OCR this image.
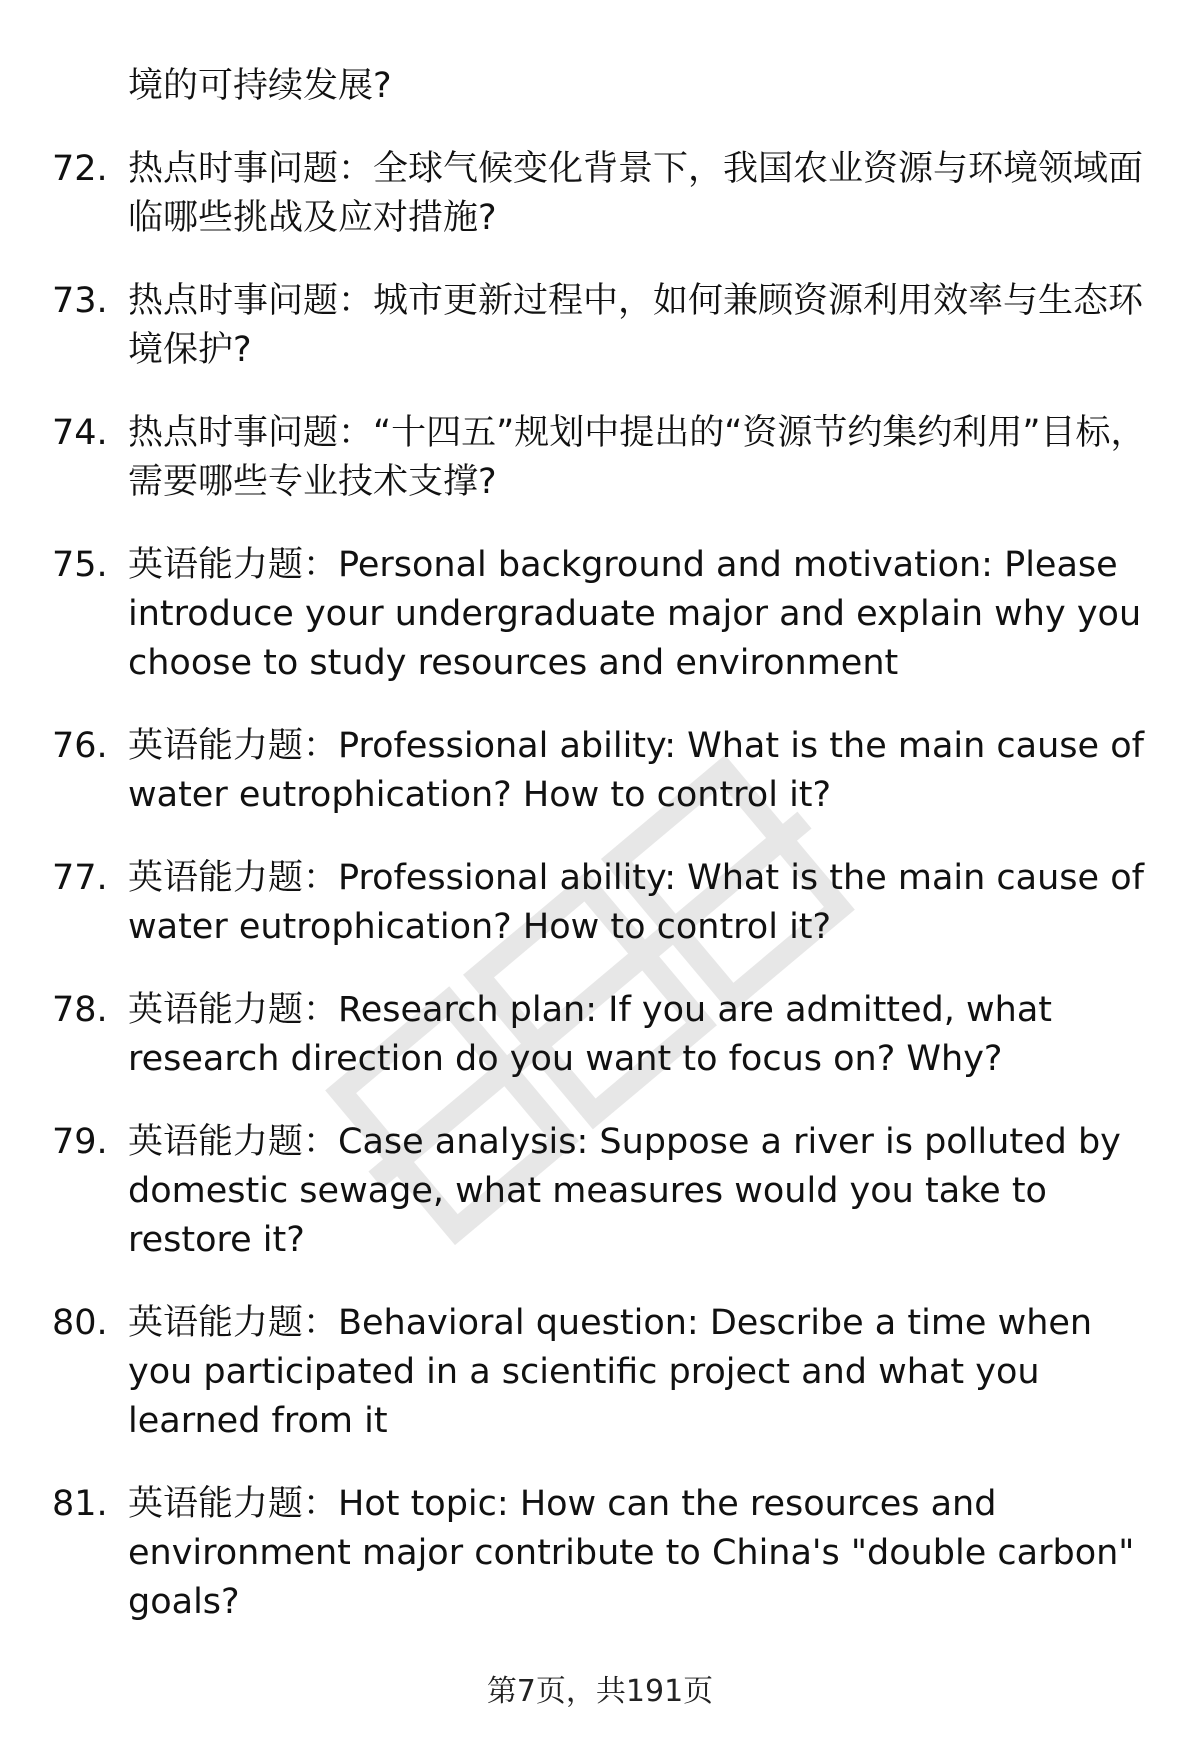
境的可持续发展?
72. 热点时事问题：全球气候变化背景下，我国农业资源与环境领域面临哪些挑战及应对措施?
73. 热点时事问题：城市更新过程中，如何兼顾资源利用效率与生态环境保护?
74. 热点时事问题：“十四五”规划中提出的“资源节约集约利用”目标，需要哪些专业技术支撑?
75. 英语能力题：Personal background and motivation: Please introduce your undergraduate major and explain why you choose to study resources and environment
76. 英语能力题：Professional ability: What is the main cause of water eutrophication? How to control it?
77. 英语能力题：Professional ability: What is the main cause of water eutrophication? How to control it?
78. 英语能力题：Research plan: If you are admitted, what research direction do you want to focus on? Why?
79. 英语能力题：Case analysis: Suppose a river is polluted by domestic sewage, what measures would you take to restore it?
80. 英语能力题：Behavioral question: Describe a time when you participated in a scientific project and what you learned from it
81. 英语能力题：Hot topic: How can the resources and environment major contribute to China's "double carbon" goals?
第7页，共191页
